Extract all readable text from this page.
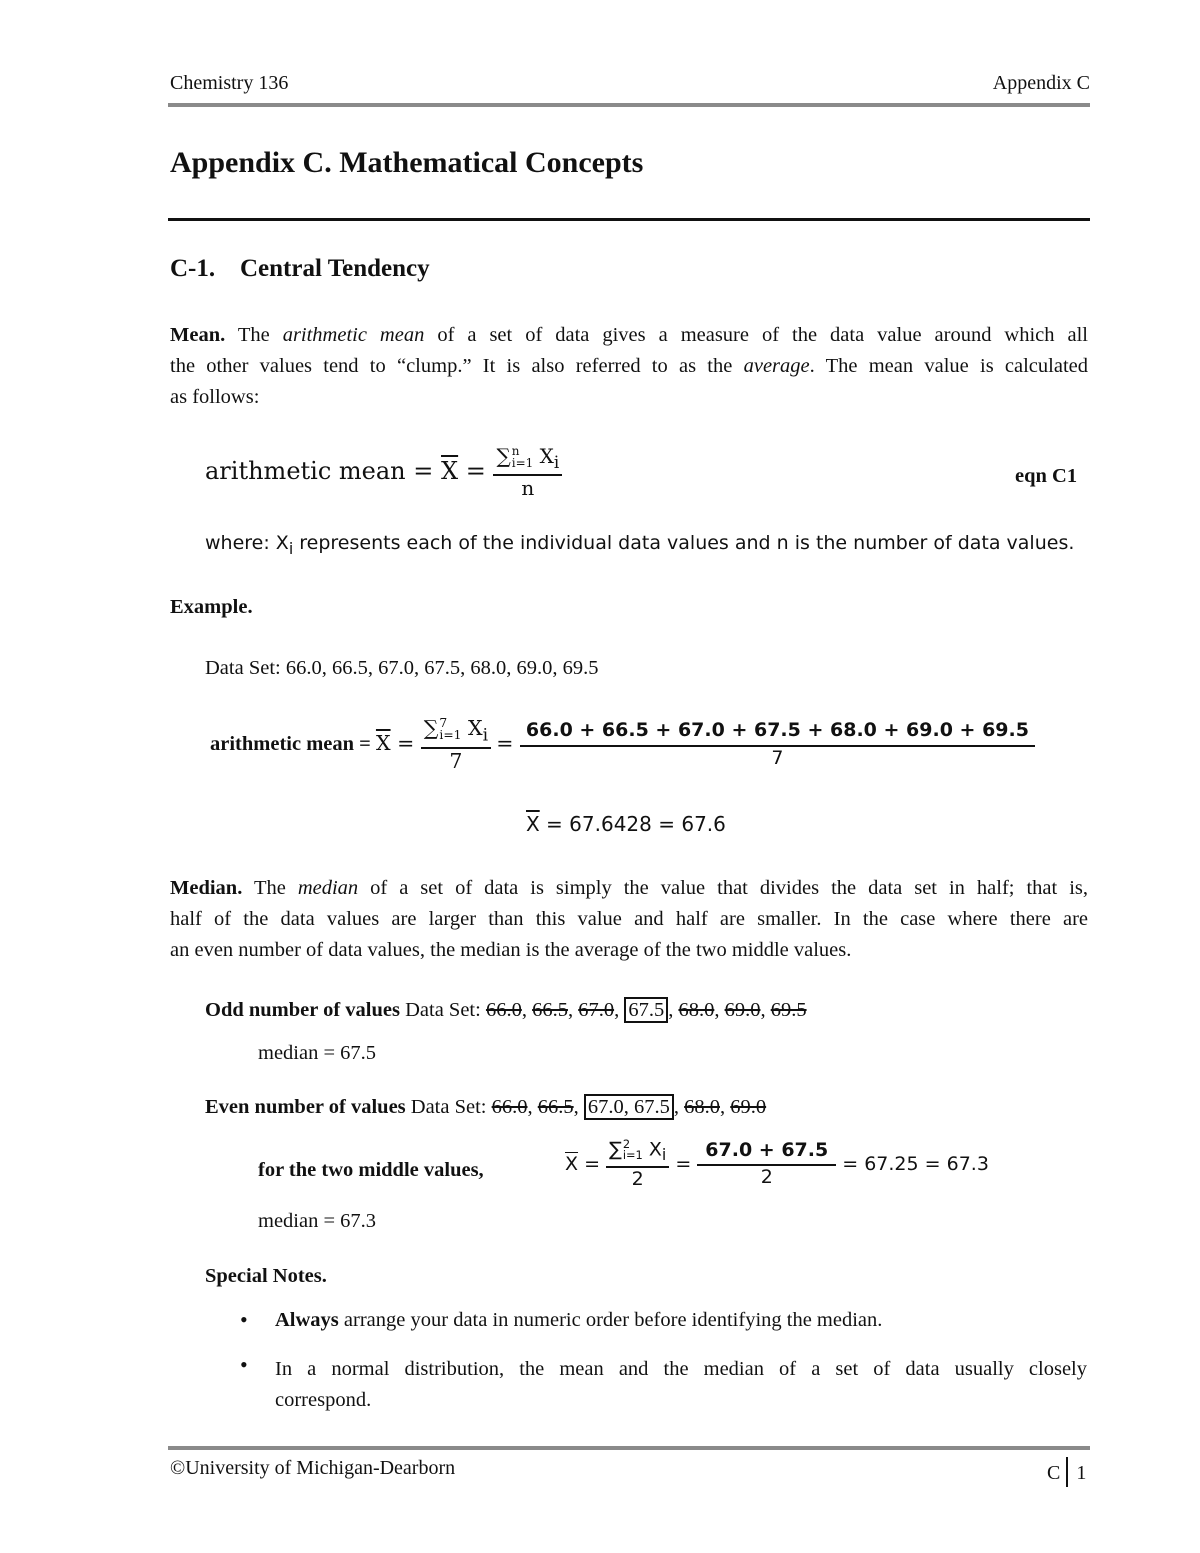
Chemistry 136	Appendix C
Appendix C. Mathematical Concepts
C-1. Central Tendency
Mean. The arithmetic mean of a set of data gives a measure of the data value around which all
the other values tend to “clump.” It is also referred to as the average. The mean value is calculated
as follows:
arithmetic mean = $\overline{X}$ = ∑ n
i=1 $X_i$
n	eqn C1
where: $X_i$ represents each of the individual data values and n is the number of data values.
Example.
Data Set: 66.0, 66.5, 67.0, 67.5, 68.0, 69.0, 69.5
arithmetic mean = $\overline{X}$ = ∑ 7
i=1 $X_i$
$7 = \frac{66.0 + 66.5 + 67.0 + 67.5 + 68.0 + 69.0 + 69.5}{7}$
$\overline{X} = 67.6428 = 67.6$
Median. The median of a set of data is simply the value that divides the data set in half; that is,
half of the data values are larger than this value and half are smaller. In the case where there are
an even number of data values, the median is the average of the two middle values.
Odd number of values Data Set: 66.0, 66.5, 67.0, 67.5 , 68.0, 69.0, 69.5
median = 67.5
Even number of values Data Set: 66.0, 66.5, 67.0, 67.5 , 68.0, 69.0
for the two middle values,	$\overline{X}$ = ∑ 2
i=1 $X_i$
$2 = \frac{67.0 + 67.5}{2} = 67.25 = 67.3$
median = 67.3
Special Notes.
• Always arrange your data in numeric order before identifying the median.
• In a normal distribution, the mean and the median of a set of data usually closely
correspond.
©University of Michigan-Dearborn	C 1
